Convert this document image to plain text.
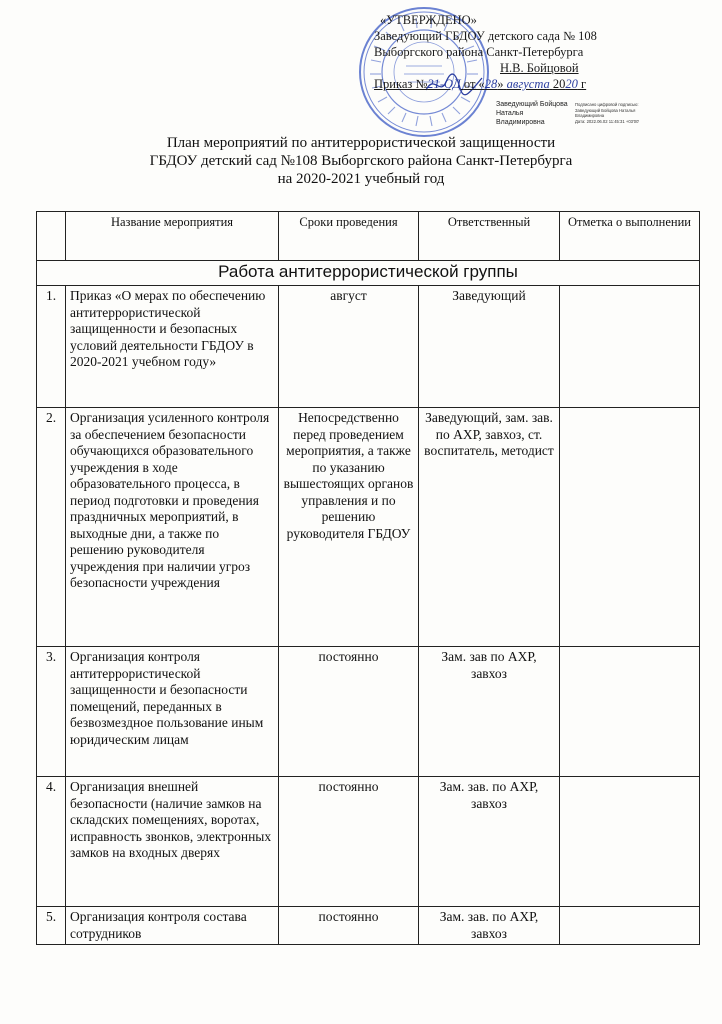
«УТВЕРЖДЕНО»
Заведующий ГБДОУ детского сада № 108
Выборгского района Санкт-Петербурга
Н.В. Бойцовой
Приказ №21-ОД от «28» августа 2020 г
Заведующий Бойцова
Наталья
Владимировна
Подписано цифровой подписью:
Заведующий Бойцова Наталья
Владимировна
Дата: 2022.06.02 11:45:31 +03'00'
План мероприятий по антитеррористической защищенности
ГБДОУ детский сад №108 Выборгского района Санкт-Петербурга
на 2020-2021 учебный год
	Название мероприятия	Сроки проведения	Ответственный	Отметка о выполнении
Работа антитеррористической группы				
1.	Приказ «О мерах по обеспечению антитеррористической защищенности и безопасных условий деятельности ГБДОУ в 2020-2021 учебном году»	август	Заведующий	
2.	Организация усиленного контроля за обеспечением безопасности обучающихся образовательного учреждения в ходе образовательного процесса, в период подготовки и проведения праздничных мероприятий, в выходные дни, а также по решению руководителя учреждения при наличии угроз безопасности учреждения	Непосредственно перед проведением мероприятия, а также по указанию вышестоящих органов управления и по решению руководителя ГБДОУ	Заведующий, зам. зав. по АХР, завхоз, ст. воспитатель, методист	
3.	Организация контроля антитеррористической защищенности и безопасности помещений, переданных в безвозмездное пользование иным юридическим лицам	постоянно	Зам. зав по АХР, завхоз	
4.	Организация внешней безопасности (наличие замков на складских помещениях, воротах, исправность звонков, электронных замков на входных дверях	постоянно	Зам. зав. по АХР, завхоз	
5.	Организация контроля состава сотрудников	постоянно	Зам. зав. по АХР, завхоз	
